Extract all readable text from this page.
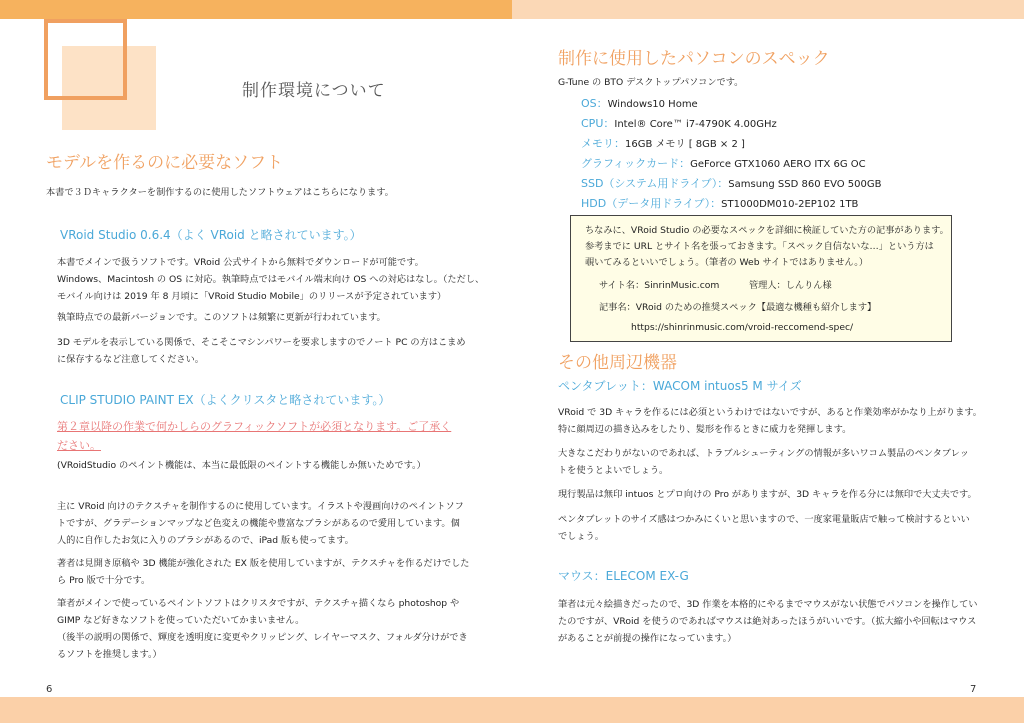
制作環境について
モデルを作るのに必要なソフト
本書で３Ｄキャラクターを制作するのに使用したソフトウェアはこちらになります。
VRoid Studio 0.6.4（よく VRoid と略されています。）
本書でメインで扱うソフトです。VRoid 公式サイトから無料でダウンロードが可能です。
Windows、Macintosh の OS に対応。執筆時点ではモバイル端末向け OS への対応はなし。（ただし、
モバイル向けは 2019 年 8 月頃に「VRoid Studio Mobile」のリリースが予定されています）
執筆時点での最新バージョンです。このソフトは頻繁に更新が行われています。
3D モデルを表示している関係で、そこそこマシンパワーを要求しますのでノート PC の方はこまめ
に保存するなど注意してください。
CLIP STUDIO PAINT EX（よくクリスタと略されています。）
第２章以降の作業で何かしらのグラフィックソフトが必須となります。ご了承く
ださい。
(VRoidStudio のペイント機能は、本当に最低限のペイントする機能しか無いためです。）
主に VRoid 向けのテクスチャを制作するのに使用しています。イラストや漫画向けのペイントソフ
トですが、グラデーションマップなど色変えの機能や豊富なブラシがあるので愛用しています。個
人的に自作したお気に入りのブラシがあるので、iPad 版も使ってます。
著者は見開き原稿や 3D 機能が強化された EX 版を使用していますが、テクスチャを作るだけでした
ら Pro 版で十分です。
筆者がメインで使っているペイントソフトはクリスタですが、テクスチャ描くなら photoshop や
GIMP など好きなソフトを使っていただいてかまいません。
（後半の説明の関係で、輝度を透明度に変更やクリッピング、レイヤーマスク、フォルダ分けができ
るソフトを推奨します。）
6
制作に使用したパソコンのスペック
G-Tune の BTO デスクトップパソコンです。
OS：Windows10 Home
CPU：Intel® Core™ i7-4790K 4.00GHz
メモリ：16GB メモリ [ 8GB × 2 ]
グラフィックカード：GeForce GTX1060 AERO ITX 6G OC
SSD（システム用ドライブ）：Samsung SSD 860 EVO 500GB
HDD（データ用ドライブ）：ST1000DM010-2EP102 1TB
ちなみに、VRoid Studio の必要なスペックを詳細に検証していた方の記事があります。
参考までに URL とサイト名を張っておきます。「スペック自信ないな…」という方は
覗いてみるといいでしょう。（筆者の Web サイトではありません。）
サイト名：SinrinMusic.com	管理人：しんりん様
記事名：VRoid のための推奨スペック【最適な機種も紹介します】
https://shinrinmusic.com/vroid-reccomend-spec/
その他周辺機器
ペンタブレット：WACOM intuos5 M サイズ
VRoid で 3D キャラを作るには必須というわけではないですが、あると作業効率がかなり上がります。
特に顔周辺の描き込みをしたり、髪形を作るときに威力を発揮します。
大きなこだわりがないのであれば、トラブルシューティングの情報が多いワコム製品のペンタブレッ
トを使うとよいでしょう。
現行製品は無印 intuos とプロ向けの Pro がありますが、3D キャラを作る分には無印で大丈夫です。
ペンタブレットのサイズ感はつかみにくいと思いますので、一度家電量販店で触って検討するといい
でしょう。
マウス：ELECOM EX-G
筆者は元々絵描きだったので、3D 作業を本格的にやるまでマウスがない状態でパソコンを操作してい
たのですが、VRoid を使うのであればマウスは絶対あったほうがいいです。（拡大縮小や回転はマウス
があることが前提の操作になっています。）
7
